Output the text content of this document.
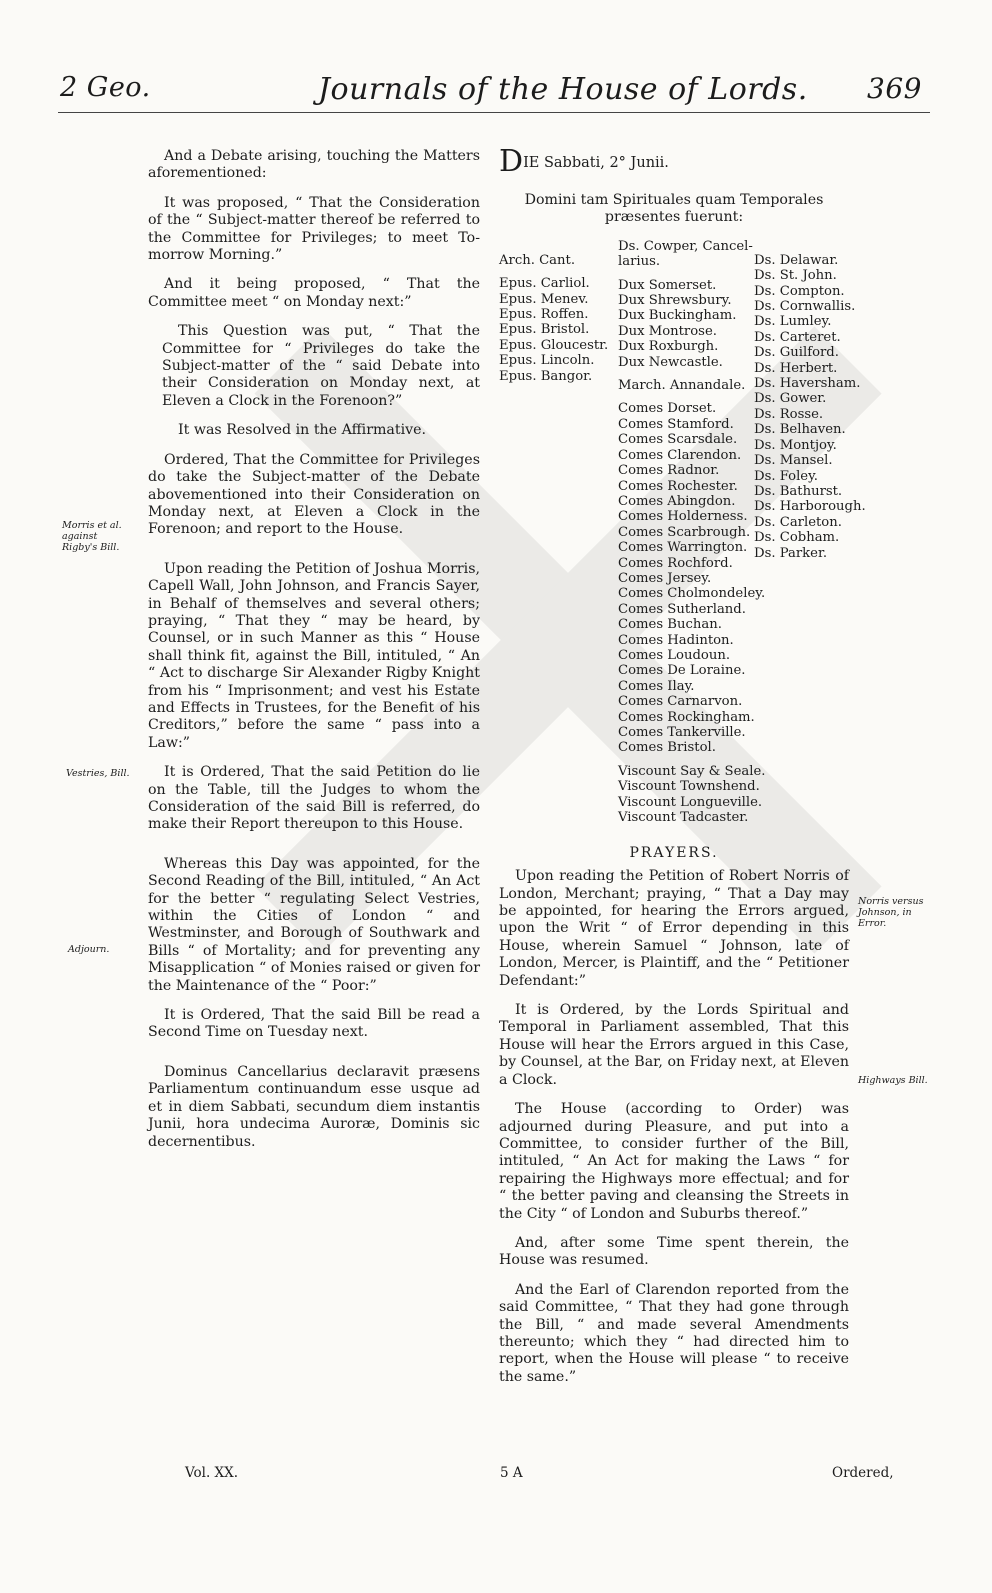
2 Geo.	Journals of the House of Lords. 369

And a Debate arising, touching the Matters aforementioned:

It was proposed, “ That the Consideration of the “ Subject-matter thereof be referred to the Committee for Privileges; to meet To-morrow Morning.”

And it being proposed, “ That the Committee meet “ on Monday next:”

This Question was put, “ That the Committee for “ Privileges do take the Subject-matter of the “ said Debate into their Consideration on Monday next, at Eleven a Clock in the Forenoon?”

It was Resolved in the Affirmative.

Ordered, That the Committee for Privileges do take the Subject-matter of the Debate abovementioned into their Consideration on Monday next, at Eleven a Clock in the Forenoon; and report to the House.

Upon reading the Petition of Joshua Morris, Capell Wall, John Johnson, and Francis Sayer, in Behalf of themselves and several others; praying, “ That they “ may be heard, by Counsel, or in such Manner as this “ House shall think fit, against the Bill, intituled, “ An “ Act to discharge Sir Alexander Rigby Knight from his “ Imprisonment; and vest his Estate and Effects in Trustees, for the Benefit of his Creditors,” before the same “ pass into a Law:”

It is Ordered, That the said Petition do lie on the Table, till the Judges to whom the Consideration of the said Bill is referred, do make their Report thereupon to this House.

Whereas this Day was appointed, for the Second Reading of the Bill, intituled, “ An Act for the better “ regulating Select Vestries, within the Cities of London “ and Westminster, and Borough of Southwark and Bills “ of Mortality; and for preventing any Misapplication “ of Monies raised or given for the Maintenance of the “ Poor:”

It is Ordered, That the said Bill be read a Second Time on Tuesday next.

Dominus Cancellarius declaravit præsens Parliamentum continuandum esse usque ad et in diem Sabbati, secundum diem instantis Junii, hora undecima Auroræ, Dominis sic decernentibus.

Morris et al. against Rigby's Bill.
Vestries, Bill.
Adjourn.
DIE Sabbati, 2° Junii.

Domini tam Spirituales quam Temporales præsentes fuerunt:

Arch. Cant.
Epus. Carliol.
Epus. Menev.
Epus. Roffen.
Epus. Bristol.
Epus. Gloucestr.
Epus. Lincoln.
Epus. Bangor.
Ds. Cowper, Cancel-
larius.
Dux Somerset.
Dux Shrewsbury.
Dux Buckingham.
Dux Montrose.
Dux Roxburgh.
Dux Newcastle.
March. Annandale.
Comes Dorset.
Comes Stamford.
Comes Scarsdale.
Comes Clarendon.
Comes Radnor.
Comes Rochester.
Comes Abingdon.
Comes Holderness.
Comes Scarbrough.
Comes Warrington.
Comes Rochford.
Comes Jersey.
Comes Cholmondeley.
Comes Sutherland.
Comes Buchan.
Comes Hadinton.
Comes Loudoun.
Comes De Loraine.
Comes Ilay.
Comes Carnarvon.
Comes Rockingham.
Comes Tankerville.
Comes Bristol.
Viscount Say & Seale.
Viscount Townshend.
Viscount Longueville.
Viscount Tadcaster.
Ds. Delawar.
Ds. St. John.
Ds. Compton.
Ds. Cornwallis.
Ds. Lumley.
Ds. Carteret.
Ds. Guilford.
Ds. Herbert.
Ds. Haversham.
Ds. Gower.
Ds. Rosse.
Ds. Belhaven.
Ds. Montjoy.
Ds. Mansel.
Ds. Foley.
Ds. Bathurst.
Ds. Harborough.
Ds. Carleton.
Ds. Cobham.
Ds. Parker.

PRAYERS.

Upon reading the Petition of Robert Norris of London, Merchant; praying, “ That a Day may be appointed, for hearing the Errors argued, upon the Writ “ of Error depending in this House, wherein Samuel “ Johnson, late of London, Mercer, is Plaintiff, and the “ Petitioner Defendant:”

It is Ordered, by the Lords Spiritual and Temporal in Parliament assembled, That this House will hear the Errors argued in this Case, by Counsel, at the Bar, on Friday next, at Eleven a Clock.

The House (according to Order) was adjourned during Pleasure, and put into a Committee, to consider further of the Bill, intituled, “ An Act for making the Laws “ for repairing the Highways more effectual; and for “ the better paving and cleansing the Streets in the City “ of London and Suburbs thereof.”

And, after some Time spent therein, the House was resumed.

And the Earl of Clarendon reported from the said Committee, “ That they had gone through the Bill, “ and made several Amendments thereunto; which they “ had directed him to report, when the House will please “ to receive the same.”

Norris versus Johnson, in Error.
Highways Bill.
Vol. XX.	5 A	Ordered,
